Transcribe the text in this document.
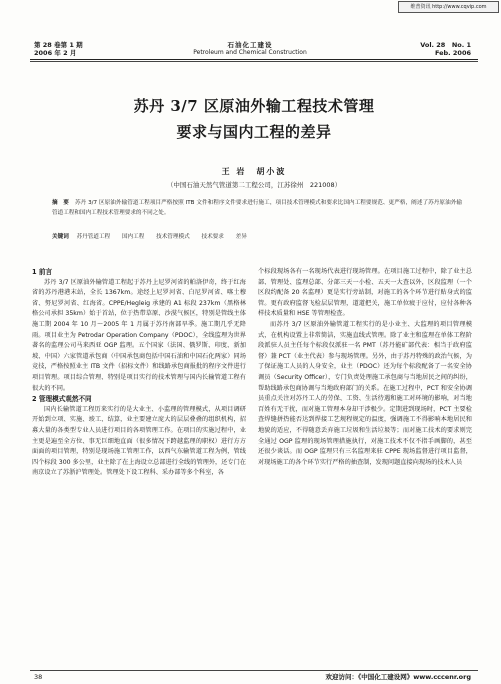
维普资讯 http://www.cqvip.com
第 28 卷第 1 期
2006 年 2 月
石油化工建设
Petroleum and Chemical Construction
Vol. 28　No. 1
Feb. 2006
苏丹 3/7 区原油外输工程技术管理
要求与国内工程的差异
王 岩　胡小波
（中国石油天然气管道第二工程公司，江苏徐州　221008）
摘　要 苏丹 3/7 区原油外输管道工程项目严格按照 ITB 文件和程序文件要求进行施工，项目技术管理模式和要求比国内工程要规范、更严格，阐述了苏丹原油外输管道工程和国内工程技术管理要求的不同之处。
关键词 苏丹管道工程 国内工程 技术管理模式 技术要求 差异
1 前言

苏丹 3/7 区原油外输管道工程起于苏丹上尼罗河省的帕洛伊奇，终于红海省的苏丹港港末站，全长 1367km。途经上尼罗河省、白尼罗河省、喀土穆省、努尼罗河省、红海省。CPPE/Hegleig 承建的 A1 标段 237km（黑格林格公司承担 35km）始于首站，位于热带草原、沙漠气候区，特别是管线主体施工期 2004 年 10 月～2005 年 1 月属于苏丹南部旱季。施工期几乎无降雨。项目业主为 Petrodar Operation Company（PDOC），全线监理为世界著名的监理公司马来西亚 OGP 监理。五个国家（法国、俄罗斯、印度、新加坡、中国）六家管道承包商（中国承包商包括中国石油和中国石化两家）同场竞技，严格按照业主 ITB 文件（招标文件）和线路承包商报批的程序文件进行项目管理。项目综合管理、特别是项目实行的技术管理与国内长输管道工程有很大的不同。

2 管理模式观然不同

国内长输管道工程历来实行的是大业主、小监理的管理模式，从项目调研开始到立项、实施、竣工、结算，业主要建立庞大的层层叠叠的组织机构，招募大量的各类型专业人员进行项目的各项管理工作。在项目的实施过程中，业主更是遍至全方位、事无巨细地直面（很多情况下跨越监理的职权）进行方方面面的项目管理，特别是现场施工管理工作，以西气东输管道工程为例，管线四个标段 300 多公里，业主除了在上海设立总部进行全线的管理外，还专门在南京设立了苏浙沪管理处。管理处下设工程科、采办部等多个科室，各

个标段现场各有一名现场代表进行现场管理。在项目施工过程中，除了业主总部、管理处、监理总部、分部三天一小检、五天一大查以外，区段监理（一个区段约配备 20 名监理）更是实行旁站制，对施工的各个环节进行贴身式的监管。更有政府监督飞检层层管理，道道把关，施工单位疲于应付，应付各种各样技术质量和 HSE 等管理检查。

而苏丹 3/7 区原油外输管道工程实行的是小业主、大监理的项目管理模式，在机构设置上非常简洁，实施直线式管理。除了业主和监理在单体工程阶段派驻人员主任每个标段仅派驻一名 PMT（苏丹能矿部代表：相当于政府监督）兼 PCT（业主代表）参与现场管理。另外，由于苏丹特殊的政治气候，为了保证施工人员的人身安全，业主（PDOC）还为每个标段配备了一名安全协调员（Security Officer），专门负责处理施工承包商与当地居民之间的纠纷，帮助线路承包商协调与当地政府部门的关系。在施工过程中，PCT 和安全协调员重点关注对苏丹工人的劳保、工资、生活待遇和施工对环境的影响，对当地百姓有无干扰，而对施工管理本身却干涉极少。定期进到现场时，PCT 主要检查焊缝拼热能否达到焊接工艺规程规定的温度，强调施工不得影响本地居民和地貌的适应，不得随意丢弃施工垃圾和生活垃圾等；而对施工技术的要求则完全通过 OGP 监理的现场管理措施执行，对施工技术不仅不指手画脚的，甚至还很少谈话。而 OGP 监理只有三名监理来驻 CPPE 现场监督进行项目监督，对现场施工的各个环节实行严格的抽查制，发现问题直接向现场的技术人员

38	欢迎访问：《中国化工建设网》www.cccenr.org
